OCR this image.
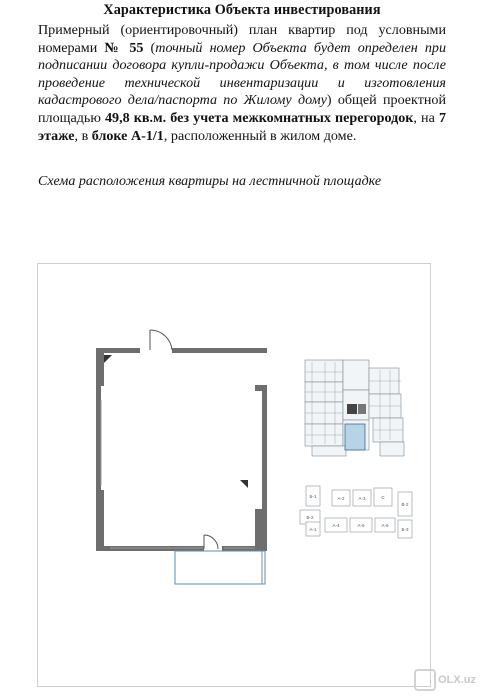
Характеристика Объекта инвестирования
Примерный (ориентировочный) план квартир под условными номерами № 55 (точный номер Объекта будет определен при подписании договора купли-продажи Объекта, в том числе после проведение технической инвентаризации и изготовления кадастрового дела/паспорта по Жилому дому) общей проектной площадью 49,8 кв.м. без учета межкомнатных перегородок, на 7 этаже, в блоке А-1/1, расположенный в жилом доме.
Схема расположения квартиры на лестничной площадке
Б-1	А-2	А-3	С
В-2
Б-2
А-1
А-4	А-5	А-6
Б-3
OLX.uz
